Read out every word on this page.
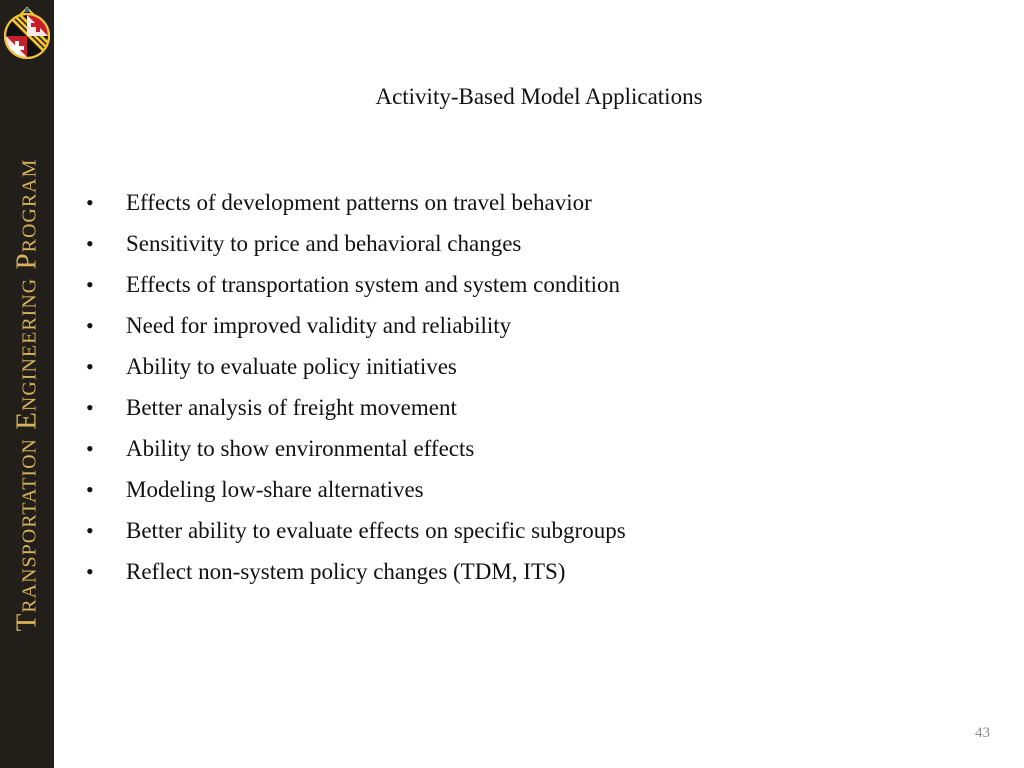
Transportation Engineering Program
Activity-Based Model Applications
•	Effects of development patterns on travel behavior
•	Sensitivity to price and behavioral changes
•	Effects of transportation system and system condition
•	Need for improved validity and reliability
•	Ability to evaluate policy initiatives
•	Better analysis of freight movement
•	Ability to show environmental effects
•	Modeling low-share alternatives
•	Better ability to evaluate effects on specific subgroups
•	Reflect non-system policy changes (TDM, ITS)
43
